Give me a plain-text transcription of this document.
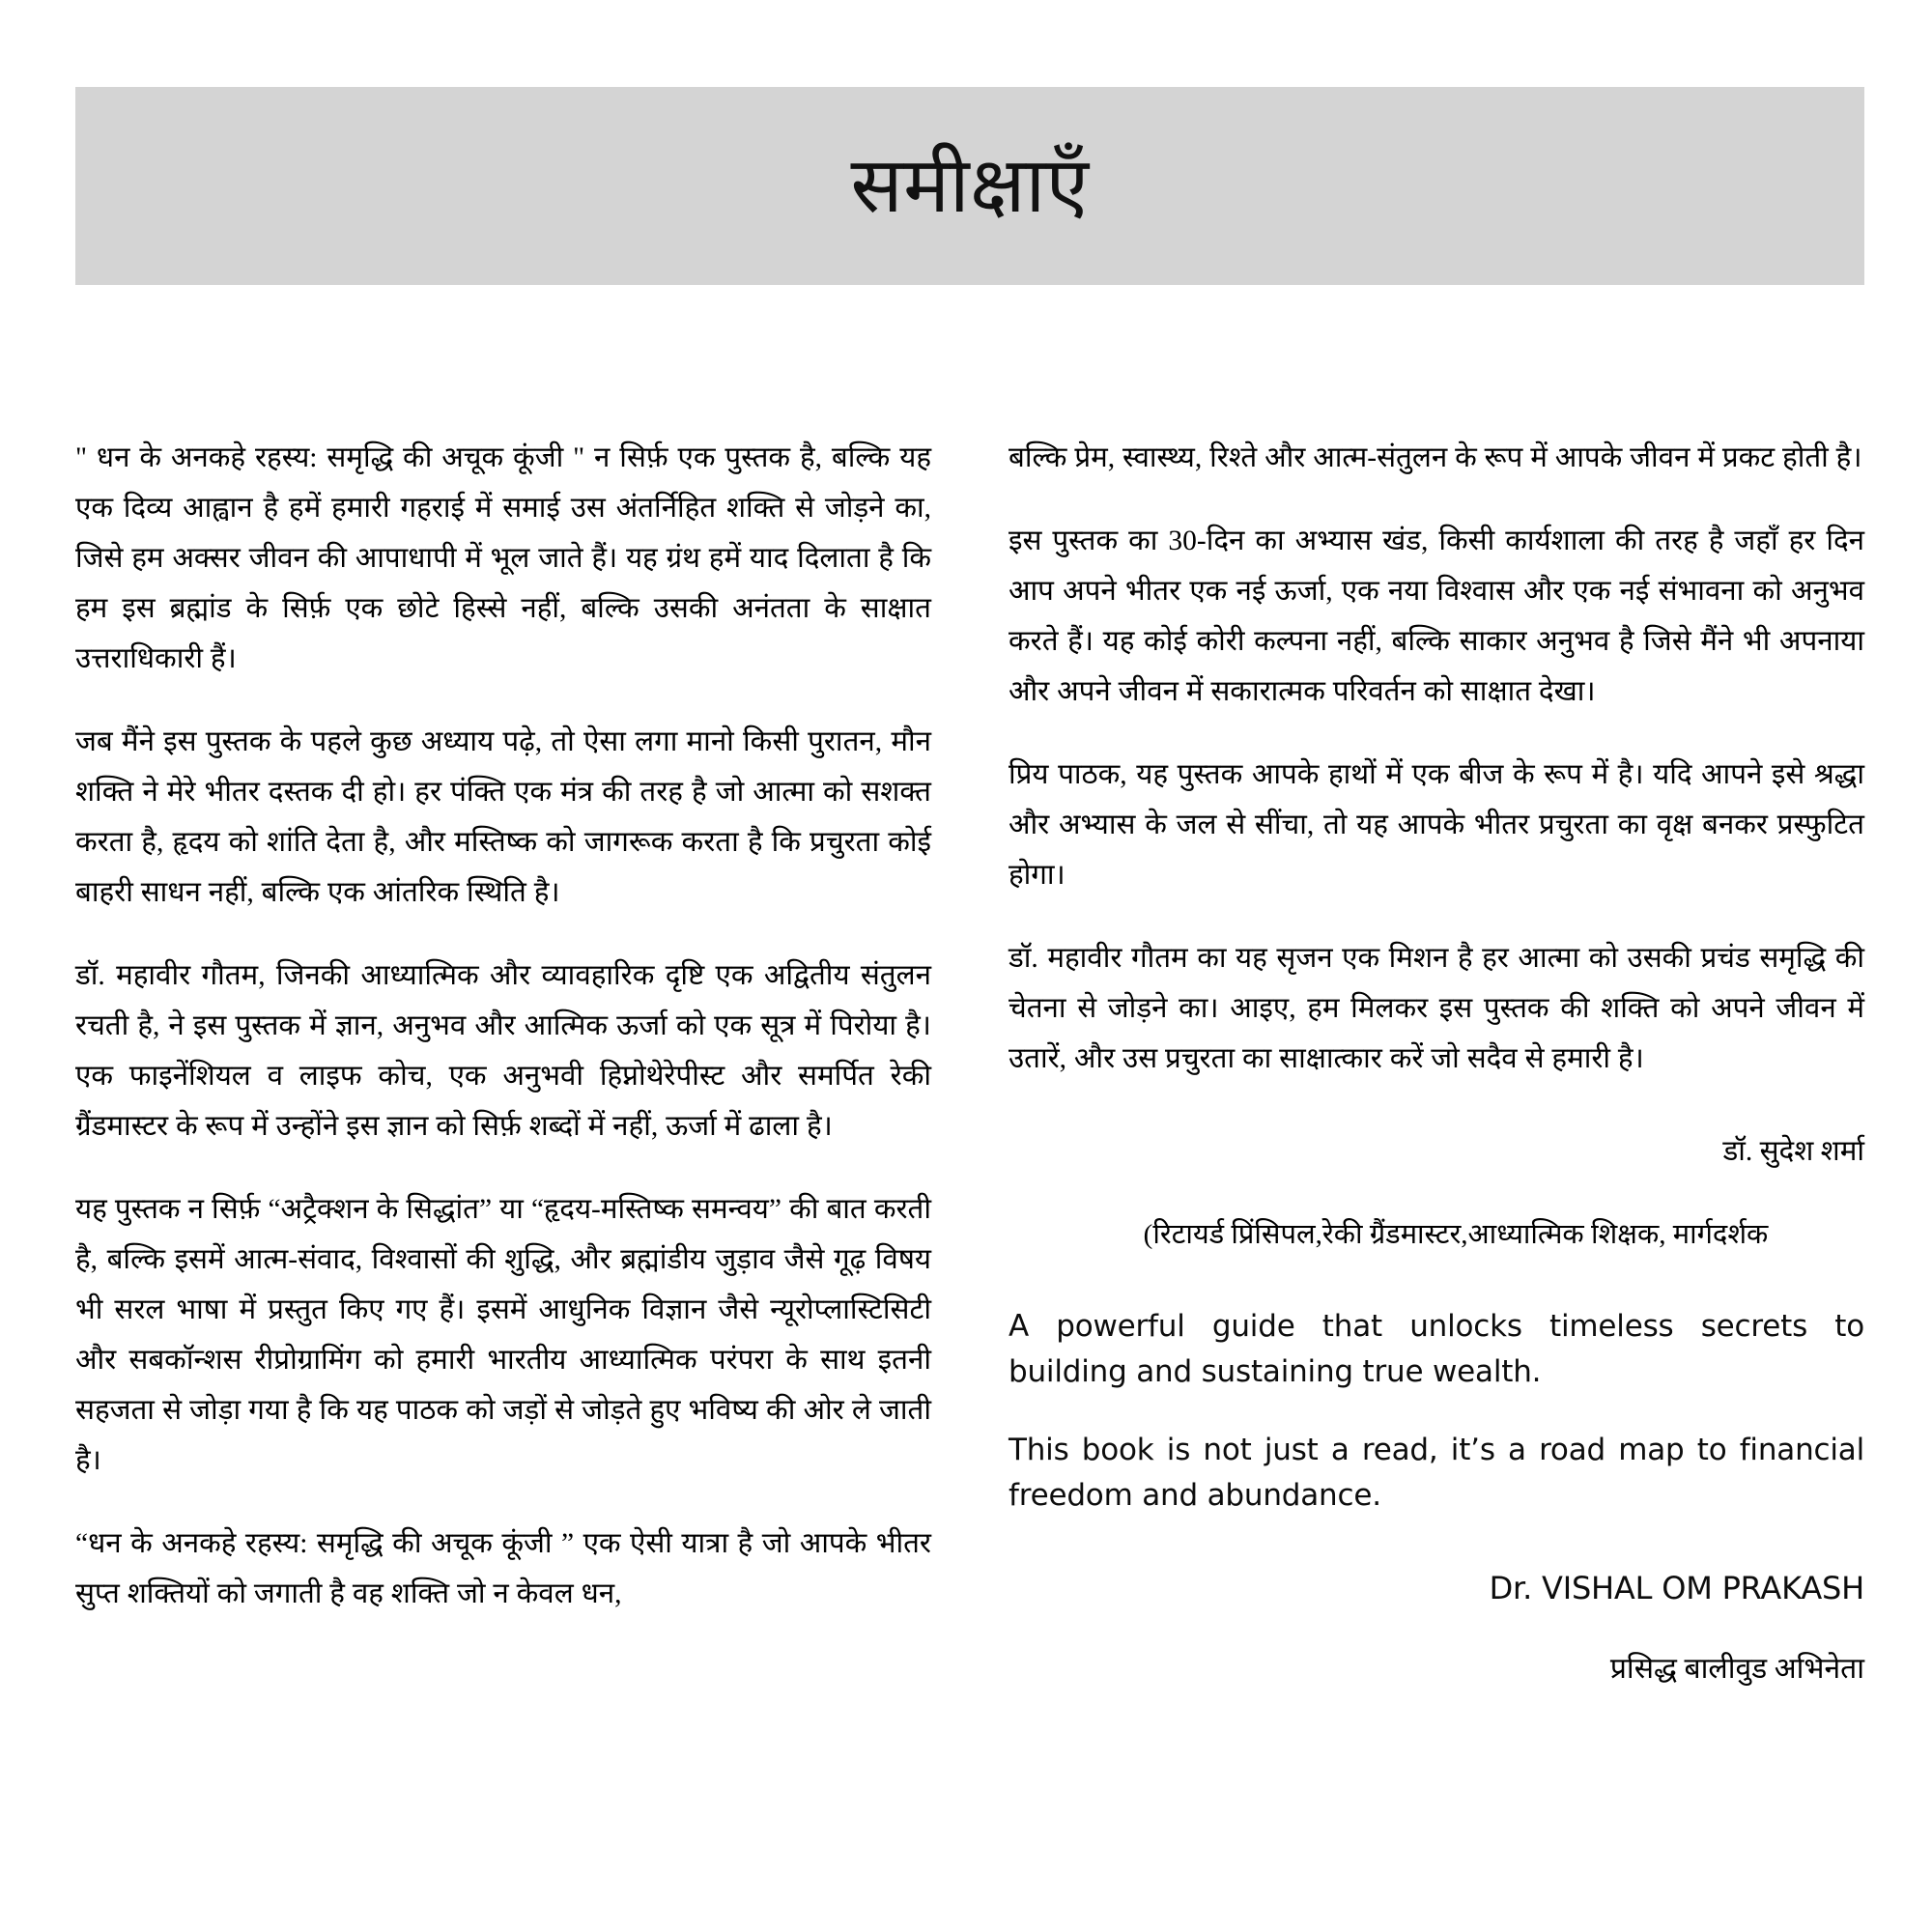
समीक्षाएँ

" धन के अनकहे रहस्य: समृद्धि की अचूक कूंजी " न सिर्फ़ एक पुस्तक है, बल्कि यह एक दिव्य आह्वान है हमें हमारी गहराई में समाई उस अंतर्निहित शक्ति से जोड़ने का, जिसे हम अक्सर जीवन की आपाधापी में भूल जाते हैं। यह ग्रंथ हमें याद दिलाता है कि हम इस ब्रह्मांड के सिर्फ़ एक छोटे हिस्से नहीं, बल्कि उसकी अनंतता के साक्षात उत्तराधिकारी हैं।

जब मैंने इस पुस्तक के पहले कुछ अध्याय पढ़े, तो ऐसा लगा मानो किसी पुरातन, मौन शक्ति ने मेरे भीतर दस्तक दी हो। हर पंक्ति एक मंत्र की तरह है जो आत्मा को सशक्त करता है, हृदय को शांति देता है, और मस्तिष्क को जागरूक करता है कि प्रचुरता कोई बाहरी साधन नहीं, बल्कि एक आंतरिक स्थिति है।

डॉ. महावीर गौतम, जिनकी आध्यात्मिक और व्यावहारिक दृष्टि एक अद्वितीय संतुलन रचती है, ने इस पुस्तक में ज्ञान, अनुभव और आत्मिक ऊर्जा को एक सूत्र में पिरोया है। एक फाइनेंशियल व लाइफ कोच, एक अनुभवी हिप्नोथेरेपीस्ट और समर्पित रेकी ग्रैंडमास्टर के रूप में उन्होंने इस ज्ञान को सिर्फ़ शब्दों में नहीं, ऊर्जा में ढाला है।

यह पुस्तक न सिर्फ़ “अट्रैक्शन के सिद्धांत” या “हृदय-मस्तिष्क समन्वय” की बात करती है, बल्कि इसमें आत्म-संवाद, विश्वासों की शुद्धि, और ब्रह्मांडीय जुड़ाव जैसे गूढ़ विषय भी सरल भाषा में प्रस्तुत किए गए हैं। इसमें आधुनिक विज्ञान जैसे न्यूरोप्लास्टिसिटी और सबकॉन्शस रीप्रोग्रामिंग को हमारी भारतीय आध्यात्मिक परंपरा के साथ इतनी सहजता से जोड़ा गया है कि यह पाठक को जड़ों से जोड़ते हुए भविष्य की ओर ले जाती है।

“धन के अनकहे रहस्य: समृद्धि की अचूक कूंजी ” एक ऐसी यात्रा है जो आपके भीतर सुप्त शक्तियों को जगाती है वह शक्ति जो न केवल धन,

बल्कि प्रेम, स्वास्थ्य, रिश्ते और आत्म-संतुलन के रूप में आपके जीवन में प्रकट होती है।

इस पुस्तक का 30-दिन का अभ्यास खंड, किसी कार्यशाला की तरह है जहाँ हर दिन आप अपने भीतर एक नई ऊर्जा, एक नया विश्वास और एक नई संभावना को अनुभव करते हैं। यह कोई कोरी कल्पना नहीं, बल्कि साकार अनुभव है जिसे मैंने भी अपनाया और अपने जीवन में सकारात्मक परिवर्तन को साक्षात देखा।

प्रिय पाठक, यह पुस्तक आपके हाथों में एक बीज के रूप में है। यदि आपने इसे श्रद्धा और अभ्यास के जल से सींचा, तो यह आपके भीतर प्रचुरता का वृक्ष बनकर प्रस्फुटित होगा।

डॉ. महावीर गौतम का यह सृजन एक मिशन है हर आत्मा को उसकी प्रचंड समृद्धि की चेतना से जोड़ने का। आइए, हम मिलकर इस पुस्तक की शक्ति को अपने जीवन में उतारें, और उस प्रचुरता का साक्षात्कार करें जो सदैव से हमारी है।

डॉ. सुदेश शर्मा
(रिटायर्ड प्रिंसिपल,रेकी ग्रैंडमास्टर,आध्यात्मिक शिक्षक, मार्गदर्शक

A powerful guide that unlocks timeless secrets to building and sustaining true wealth.

This book is not just a read, it’s a road map to financial freedom and abundance.

Dr. VISHAL OM PRAKASH
प्रसिद्ध बालीवुड अभिनेता
